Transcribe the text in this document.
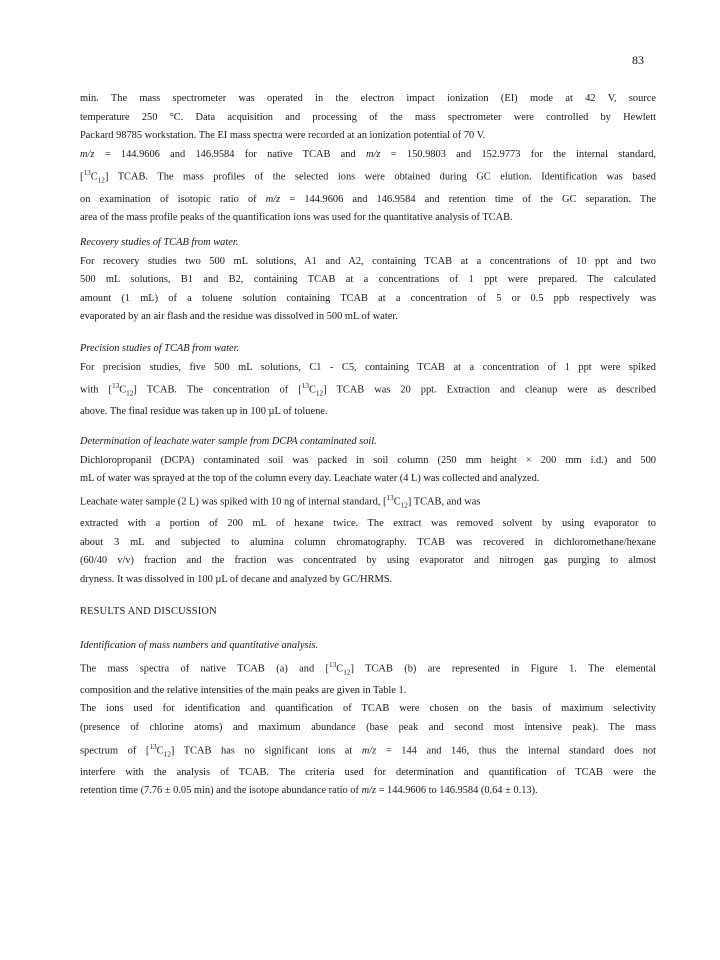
83

min. The mass spectrometer was operated in the electron impact ionization (EI) mode at 42 V, source

temperature 250 °C. Data acquisition and processing of the mass spectrometer were controlled by Hewlett

Packard 98785 workstation. The EI mass spectra were recorded at an ionization potential of 70 V.

m/z = 144.9606 and 146.9584 for native TCAB and m/z = 150.9803 and 152.9773 for the internal standard,

$[^{13}C_{12}]$ TCAB. The mass profiles of the selected ions were obtained during GC elution. Identification was based

on examination of isotopic ratio of m/z = 144.9606 and 146.9584 and retention time of the GC separation. The

area of the mass profile peaks of the quantification ions was used for the quantitative analysis of TCAB.

Recovery studies of TCAB from water.

For recovery studies two 500 mL solutions, A1 and A2, containing TCAB at a concentrations of 10 ppt and two

500 mL solutions, B1 and B2, containing TCAB at a concentrations of 1 ppt were prepared. The calculated

amount (1 mL) of a toluene solution containing TCAB at a concentration of 5 or 0.5 ppb respectively was

evaporated by an air flash and the residue was dissolved in 500 mL of water.

Precision studies of TCAB from water.

For precision studies, five 500 mL solutions, C1 - C5, containing TCAB at a concentration of 1 ppt were spiked

with $[^{13}C_{12}]$ TCAB. The concentration of $[^{13}C_{12}]$ TCAB was 20 ppt. Extraction and cleanup were as described

above. The final residue was taken up in 100 µL of toluene.

Determination of leachate water sample from DCPA contaminated soil.

Dichloropropanil (DCPA) contaminated soil was packed in soil column (250 mm height × 200 mm i.d.) and 500

mL of water was sprayed at the top of the column every day. Leachate water (4 L) was collected and analyzed.

Leachate water sample (2 L) was spiked with 10 ng of internal standard, $[^{13}C_{12}]$ TCAB, and was

extracted with a portion of 200 mL of hexane twice. The extract was removed solvent by using evaporator to

about 3 mL and subjected to alumina column chromatography. TCAB was recovered in dichloromethane/hexane

(60/40 v/v) fraction and the fraction was concentrated by using evaporator and nitrogen gas purging to almost

dryness. It was dissolved in 100 µL of decane and analyzed by GC/HRMS.

RESULTS AND DISCUSSION

Identification of mass numbers and quantitative analysis.

The mass spectra of native TCAB (a) and $[^{13}C_{12}]$ TCAB (b) are represented in Figure 1. The elemental

composition and the relative intensities of the main peaks are given in Table 1.

The ions used for identification and quantification of TCAB were chosen on the basis of maximum selectivity

(presence of chlorine atoms) and maximum abundance (base peak and second most intensive peak). The mass

spectrum of $[^{13}C_{12}]$ TCAB has no significant ions at m/z = 144 and 146, thus the internal standard does not

interfere with the analysis of TCAB. The criteria used for determination and quantification of TCAB were the

retention time (7.76 ± 0.05 min) and the isotope abundance ratio of m/z = 144.9606 to 146.9584 (0.64 ± 0.13).
